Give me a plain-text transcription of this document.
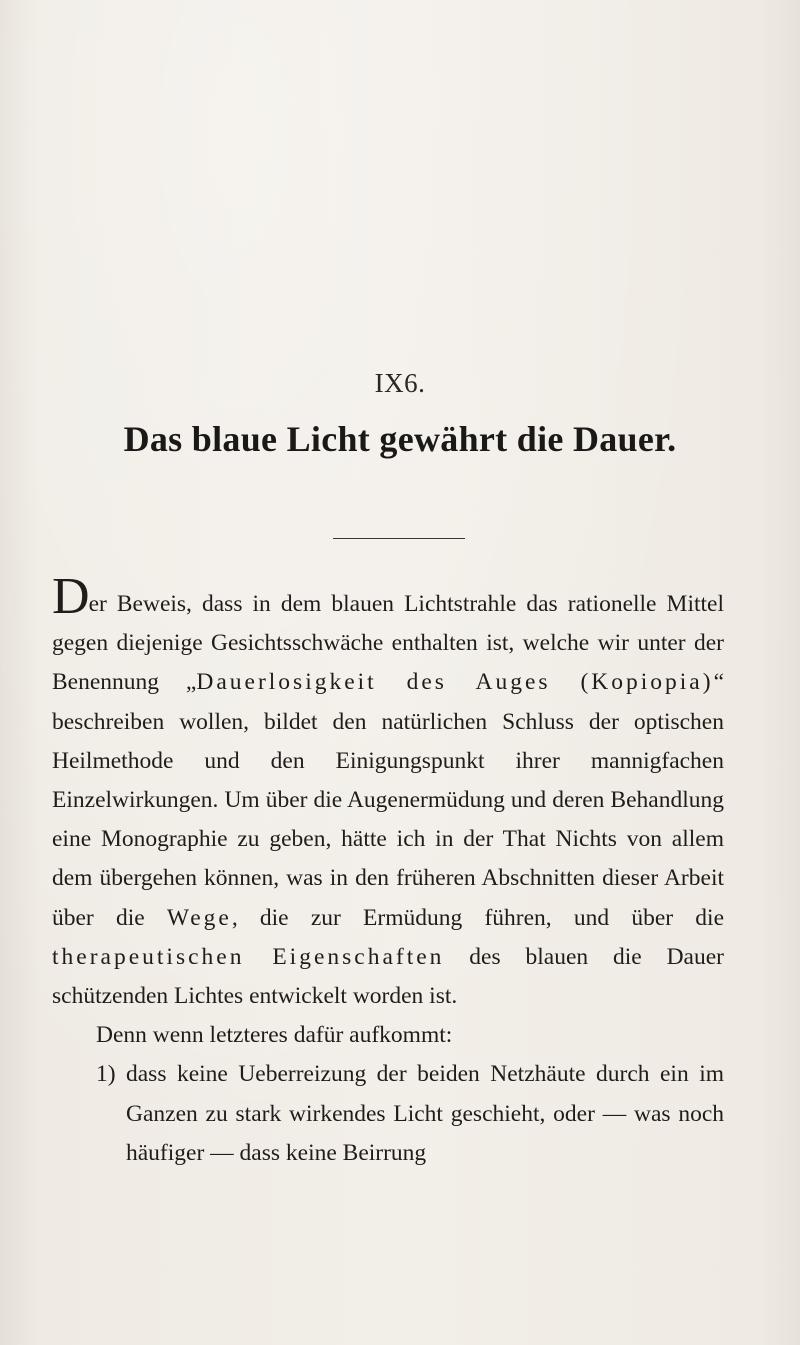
IX6.
Das blaue Licht gewährt die Dauer.

Der Beweis, dass in dem blauen Lichtstrahle das rationelle Mittel gegen diejenige Gesichtsschwäche enthalten ist, welche wir unter der Benennung „Dauerlosigkeit des Auges (Kopiopia)“ beschreiben wollen, bildet den natürlichen Schluss der optischen Heilmethode und den Einigungspunkt ihrer mannigfachen Einzelwirkungen. Um über die Augenermüdung und deren Behandlung eine Monographie zu geben, hätte ich in der That Nichts von allem dem übergehen können, was in den früheren Abschnitten dieser Arbeit über die Wege, die zur Ermüdung führen, und über die therapeutischen Eigenschaften des blauen die Dauer schützenden Lichtes entwickelt worden ist.

Denn wenn letzteres dafür aufkommt:

1) dass keine Ueberreizung der beiden Netzhäute durch ein im Ganzen zu stark wirkendes Licht geschieht, oder — was noch häufiger — dass keine Beirrung
